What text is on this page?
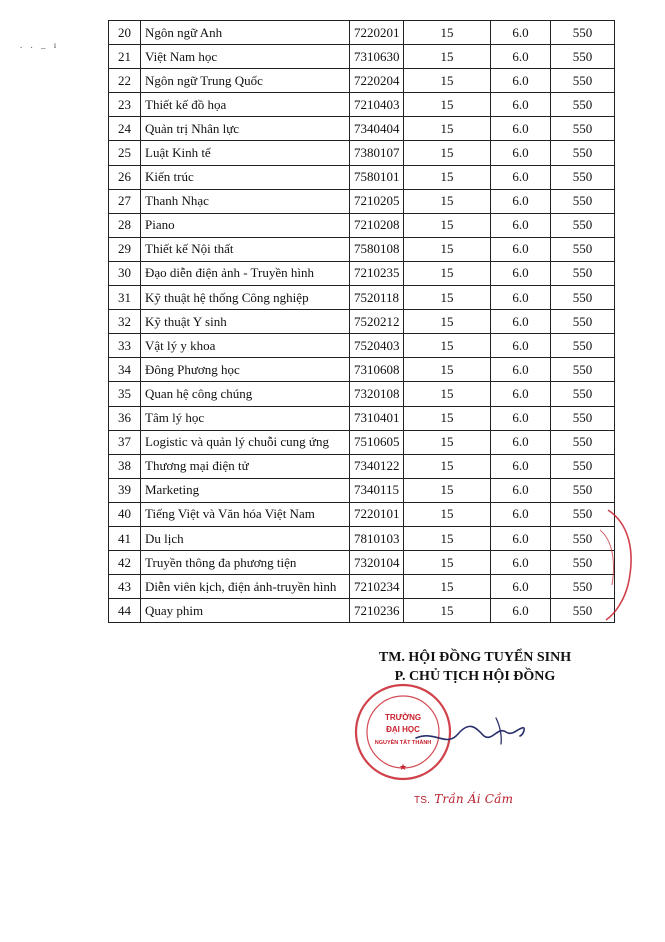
. . _ ı
20	Ngôn ngữ Anh	7220201	15	6.0	550
21	Việt Nam học	7310630	15	6.0	550
22	Ngôn ngữ Trung Quốc	7220204	15	6.0	550
23	Thiết kế đồ họa	7210403	15	6.0	550
24	Quản trị Nhân lực	7340404	15	6.0	550
25	Luật Kinh tế	7380107	15	6.0	550
26	Kiến trúc	7580101	15	6.0	550
27	Thanh Nhạc	7210205	15	6.0	550
28	Piano	7210208	15	6.0	550
29	Thiết kế Nội thất	7580108	15	6.0	550
30	Đạo diễn điện ảnh - Truyền hình	7210235	15	6.0	550
31	Kỹ thuật hệ thống Công nghiệp	7520118	15	6.0	550
32	Kỹ thuật Y sinh	7520212	15	6.0	550
33	Vật lý y khoa	7520403	15	6.0	550
34	Đông Phương học	7310608	15	6.0	550
35	Quan hệ công chúng	7320108	15	6.0	550
36	Tâm lý học	7310401	15	6.0	550
37	Logistic và quản lý chuỗi cung ứng	7510605	15	6.0	550
38	Thương mại điện tử	7340122	15	6.0	550
39	Marketing	7340115	15	6.0	550
40	Tiếng Việt và Văn hóa Việt Nam	7220101	15	6.0	550
41	Du lịch	7810103	15	6.0	550
42	Truyền thông đa phương tiện	7320104	15	6.0	550
43	Diễn viên kịch, điện ảnh-truyền hình	7210234	15	6.0	550
44	Quay phim	7210236	15	6.0	550
TM. HỘI ĐỒNG TUYỂN SINH
P. CHỦ TỊCH HỘI ĐỒNG
TRƯỜNG
ĐẠI HỌC
NGUYỄN TẤT THÀNH
★
TS. Trần Ái Cầm
